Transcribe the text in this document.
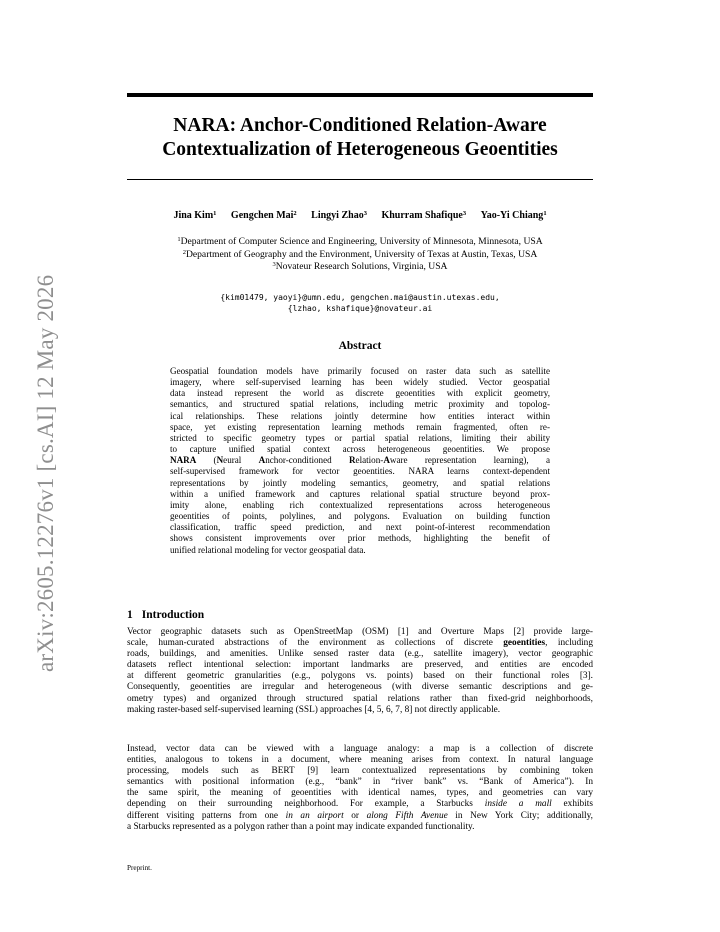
arXiv:2605.12276v1 [cs.AI] 12 May 2026
NARA: Anchor-Conditioned Relation-Aware
Contextualization of Heterogeneous Geoentities
Jina Kim$^1$ Gengchen Mai$^2$ Lingyi Zhao$^3$ Khurram Shafique$^3$ Yao-Yi Chiang$^1$
$^1$Department of Computer Science and Engineering, University of Minnesota, Minnesota, USA
$^2$Department of Geography and the Environment, University of Texas at Austin, Texas, USA
$^3$Novateur Research Solutions, Virginia, USA
{kim01479, yaoyi}@umn.edu, gengchen.mai@austin.utexas.edu,
{lzhao, kshafique}@novateur.ai
Abstract
Geospatial foundation models have primarily focused on raster data such as satellite
imagery, where self-supervised learning has been widely studied. Vector geospatial
data instead represent the world as discrete geoentities with explicit geometry,
semantics, and structured spatial relations, including metric proximity and topolog-
ical relationships. These relations jointly determine how entities interact within
space, yet existing representation learning methods remain fragmented, often re-
stricted to specific geometry types or partial spatial relations, limiting their ability
to capture unified spatial context across heterogeneous geoentities. We propose
NARA (Neural Anchor-conditioned Relation-Aware representation learning), a
self-supervised framework for vector geoentities. NARA learns context-dependent
representations by jointly modeling semantics, geometry, and spatial relations
within a unified framework and captures relational spatial structure beyond prox-
imity alone, enabling rich contextualized representations across heterogeneous
geoentities of points, polylines, and polygons. Evaluation on building function
classification, traffic speed prediction, and next point-of-interest recommendation
shows consistent improvements over prior methods, highlighting the benefit of
unified relational modeling for vector geospatial data.
1 Introduction
Vector geographic datasets such as OpenStreetMap (OSM) [1] and Overture Maps [2] provide large-
scale, human-curated abstractions of the environment as collections of discrete geoentities, including
roads, buildings, and amenities. Unlike sensed raster data (e.g., satellite imagery), vector geographic
datasets reflect intentional selection: important landmarks are preserved, and entities are encoded
at different geometric granularities (e.g., polygons vs. points) based on their functional roles [3].
Consequently, geoentities are irregular and heterogeneous (with diverse semantic descriptions and ge-
ometry types) and organized through structured spatial relations rather than fixed-grid neighborhoods,
making raster-based self-supervised learning (SSL) approaches [4, 5, 6, 7, 8] not directly applicable.
Instead, vector data can be viewed with a language analogy: a map is a collection of discrete
entities, analogous to tokens in a document, where meaning arises from context. In natural language
processing, models such as BERT [9] learn contextualized representations by combining token
semantics with positional information (e.g., “bank” in “river bank” vs. “Bank of America”). In
the same spirit, the meaning of geoentities with identical names, types, and geometries can vary
depending on their surrounding neighborhood. For example, a Starbucks inside a mall exhibits
different visiting patterns from one in an airport or along Fifth Avenue in New York City; additionally,
a Starbucks represented as a polygon rather than a point may indicate expanded functionality.
Preprint.
